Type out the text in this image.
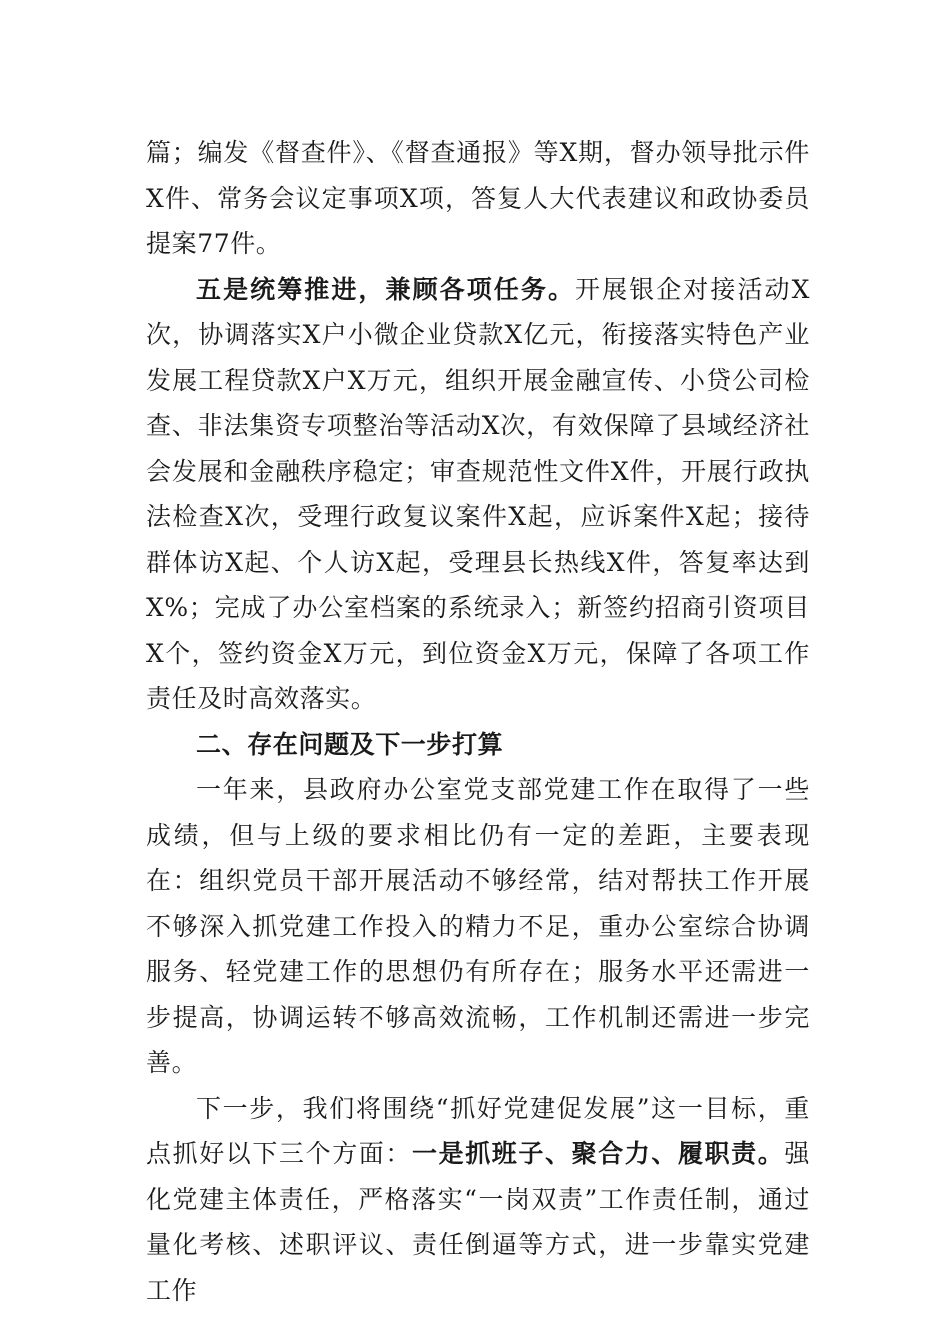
篇；编发《督查件》、《督查通报》等X期，督办领导批示件X件、常务会议定事项X项，答复人大代表建议和政协委员提案77件。

五是统筹推进，兼顾各项任务。开展银企对接活动X次，协调落实X户小微企业贷款X亿元，衔接落实特色产业发展工程贷款X户X万元，组织开展金融宣传、小贷公司检查、非法集资专项整治等活动X次，有效保障了县域经济社会发展和金融秩序稳定；审查规范性文件X件，开展行政执法检查X次，受理行政复议案件X起，应诉案件X起；接待群体访X起、个人访X起，受理县长热线X件，答复率达到X%；完成了办公室档案的系统录入；新签约招商引资项目X个，签约资金X万元，到位资金X万元，保障了各项工作责任及时高效落实。

二、存在问题及下一步打算

一年来，县政府办公室党支部党建工作在取得了一些成绩，但与上级的要求相比仍有一定的差距，主要表现在：组织党员干部开展活动不够经常，结对帮扶工作开展不够深入抓党建工作投入的精力不足，重办公室综合协调服务、轻党建工作的思想仍有所存在；服务水平还需进一步提高，协调运转不够高效流畅，工作机制还需进一步完善。

下一步，我们将围绕“抓好党建促发展”这一目标，重点抓好以下三个方面：一是抓班子、聚合力、履职责。强化党建主体责任，严格落实“一岗双责”工作责任制，通过量化考核、述职评议、责任倒逼等方式，进一步靠实党建工作
